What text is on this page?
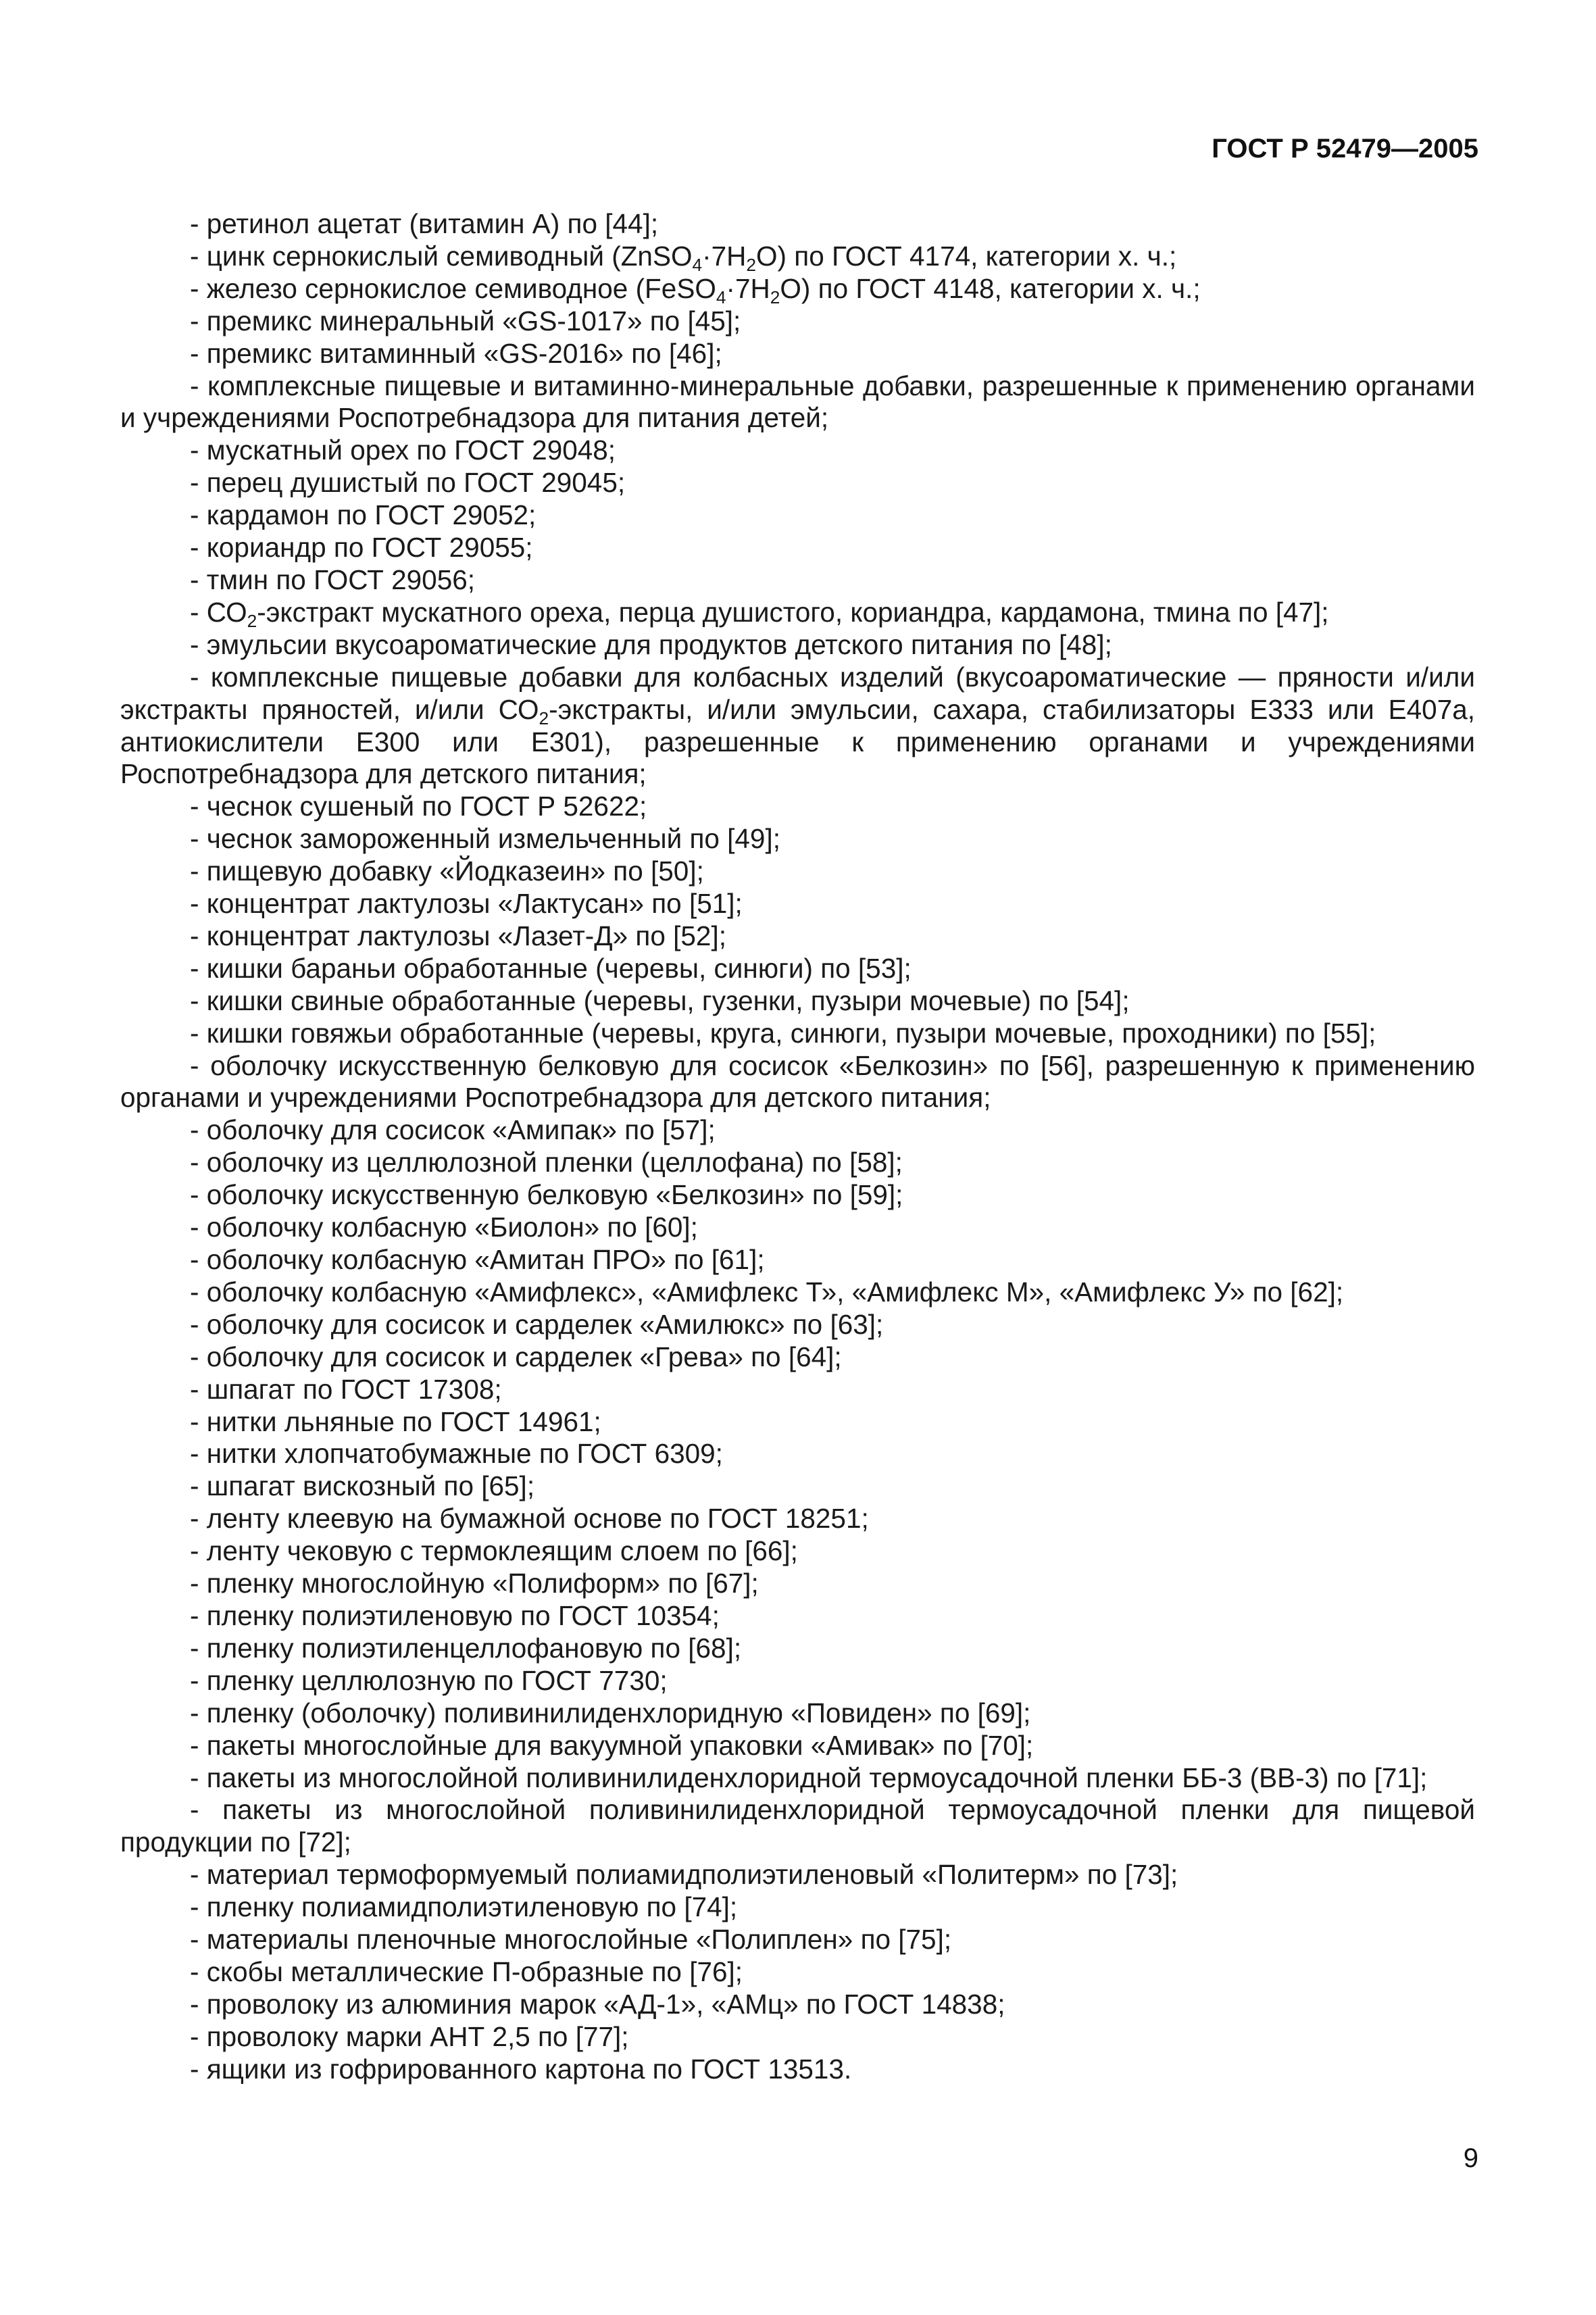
ГОСТ Р 52479—2005

- ретинол ацетат (витамин А) по [44];

- цинк сернокислый семиводный $(ZnSO_4\cdot 7H_2O)$ по ГОСТ 4174, категории х. ч.;

- железо сернокислое семиводное $(FeSO_4\cdot 7H_2O)$ по ГОСТ 4148, категории х. ч.;

- премикс минеральный «GS-1017» по [45];

- премикс витаминный «GS-2016» по [46];

- комплексные пищевые и витаминно-минеральные добавки, разрешенные к применению органами и учреждениями Роспотребнадзора для питания детей;

- мускатный орех по ГОСТ 29048;

- перец душистый по ГОСТ 29045;

- кардамон по ГОСТ 29052;

- кориандр по ГОСТ 29055;

- тмин по ГОСТ 29056;

- $СО_2$-экстракт мускатного ореха, перца душистого, кориандра, кардамона, тмина по [47];

- эмульсии вкусоароматические для продуктов детского питания по [48];

- комплексные пищевые добавки для колбасных изделий (вкусоароматические — пряности и/или экстракты пряностей, и/или $СО_2$-экстракты, и/или эмульсии, сахара, стабилизаторы Е333 или Е407а, антиокислители Е300 или Е301), разрешенные к применению органами и учреждениями Роспотребнадзора для детского питания;

- чеснок сушеный по ГОСТ Р 52622;

- чеснок замороженный измельченный по [49];

- пищевую добавку «Йодказеин» по [50];

- концентрат лактулозы «Лактусан» по [51];

- концентрат лактулозы «Лазет-Д» по [52];

- кишки бараньи обработанные (черевы, синюги) по [53];

- кишки свиные обработанные (черевы, гузенки, пузыри мочевые) по [54];

- кишки говяжьи обработанные (черевы, круга, синюги, пузыри мочевые, проходники) по [55];

- оболочку искусственную белковую для сосисок «Белкозин» по [56], разрешенную к применению органами и учреждениями Роспотребнадзора для детского питания;

- оболочку для сосисок «Амипак» по [57];

- оболочку из целлюлозной пленки (целлофана) по [58];

- оболочку искусственную белковую «Белкозин» по [59];

- оболочку колбасную «Биолон» по [60];

- оболочку колбасную «Амитан ПРО» по [61];

- оболочку колбасную «Амифлекс», «Амифлекс Т», «Амифлекс М», «Амифлекс У» по [62];

- оболочку для сосисок и сарделек «Амилюкс» по [63];

- оболочку для сосисок и сарделек «Грева» по [64];

- шпагат по ГОСТ 17308;

- нитки льняные по ГОСТ 14961;

- нитки хлопчатобумажные по ГОСТ 6309;

- шпагат вискозный по [65];

- ленту клеевую на бумажной основе по ГОСТ 18251;

- ленту чековую с термоклеящим слоем по [66];

- пленку многослойную «Полиформ» по [67];

- пленку полиэтиленовую по ГОСТ 10354;

- пленку полиэтиленцеллофановую по [68];

- пленку целлюлозную по ГОСТ 7730;

- пленку (оболочку) поливинилиденхлоридную «Повиден» по [69];

- пакеты многослойные для вакуумной упаковки «Амивак» по [70];

- пакеты из многослойной поливинилиденхлоридной термоусадочной пленки ББ-3 (ВВ-3) по [71];

- пакеты из многослойной поливинилиденхлоридной термоусадочной пленки для пищевой продукции по [72];

- материал термоформуемый полиамидполиэтиленовый «Политерм» по [73];

- пленку полиамидполиэтиленовую по [74];

- материалы пленочные многослойные «Полиплен» по [75];

- скобы металлические П-образные по [76];

- проволоку из алюминия марок «АД-1», «АМц» по ГОСТ 14838;

- проволоку марки АНТ 2,5 по [77];

- ящики из гофрированного картона по ГОСТ 13513.

9
